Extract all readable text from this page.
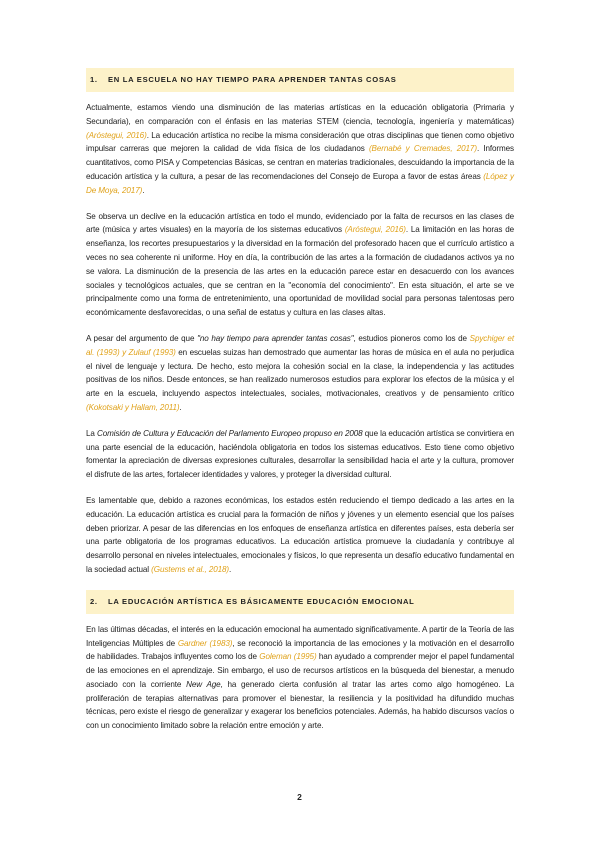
1. EN LA ESCUELA NO HAY TIEMPO PARA APRENDER TANTAS COSAS

Actualmente, estamos viendo una disminución de las materias artísticas en la educación obligatoria (Primaria y Secundaria), en comparación con el énfasis en las materias STEM (ciencia, tecnología, ingeniería y matemáticas) (Aróstegui, 2016). La educación artística no recibe la misma consideración que otras disciplinas que tienen como objetivo impulsar carreras que mejoren la calidad de vida física de los ciudadanos (Bernabé y Cremades, 2017). Informes cuantitativos, como PISA y Competencias Básicas, se centran en materias tradicionales, descuidando la importancia de la educación artística y la cultura, a pesar de las recomendaciones del Consejo de Europa a favor de estas áreas (López y De Moya, 2017).

Se observa un declive en la educación artística en todo el mundo, evidenciado por la falta de recursos en las clases de arte (música y artes visuales) en la mayoría de los sistemas educativos (Aróstegui, 2016). La limitación en las horas de enseñanza, los recortes presupuestarios y la diversidad en la formación del profesorado hacen que el currículo artístico a veces no sea coherente ni uniforme. Hoy en día, la contribución de las artes a la formación de ciudadanos activos ya no se valora. La disminución de la presencia de las artes en la educación parece estar en desacuerdo con los avances sociales y tecnológicos actuales, que se centran en la "economía del conocimiento". En esta situación, el arte se ve principalmente como una forma de entretenimiento, una oportunidad de movilidad social para personas talentosas pero económicamente desfavorecidas, o una señal de estatus y cultura en las clases altas.

A pesar del argumento de que "no hay tiempo para aprender tantas cosas", estudios pioneros como los de Spychiger et al. (1993) y Zulauf (1993) en escuelas suizas han demostrado que aumentar las horas de música en el aula no perjudica el nivel de lenguaje y lectura. De hecho, esto mejora la cohesión social en la clase, la independencia y las actitudes positivas de los niños. Desde entonces, se han realizado numerosos estudios para explorar los efectos de la música y el arte en la escuela, incluyendo aspectos intelectuales, sociales, motivacionales, creativos y de pensamiento crítico (Kokotsaki y Hallam, 2011).

La Comisión de Cultura y Educación del Parlamento Europeo propuso en 2008 que la educación artística se convirtiera en una parte esencial de la educación, haciéndola obligatoria en todos los sistemas educativos. Esto tiene como objetivo fomentar la apreciación de diversas expresiones culturales, desarrollar la sensibilidad hacia el arte y la cultura, promover el disfrute de las artes, fortalecer identidades y valores, y proteger la diversidad cultural.

Es lamentable que, debido a razones económicas, los estados estén reduciendo el tiempo dedicado a las artes en la educación. La educación artística es crucial para la formación de niños y jóvenes y un elemento esencial que los países deben priorizar. A pesar de las diferencias en los enfoques de enseñanza artística en diferentes países, esta debería ser una parte obligatoria de los programas educativos. La educación artística promueve la ciudadanía y contribuye al desarrollo personal en niveles intelectuales, emocionales y físicos, lo que representa un desafío educativo fundamental en la sociedad actual (Gustems et al., 2018).

2. LA EDUCACIÓN ARTÍSTICA ES BÁSICAMENTE EDUCACIÓN EMOCIONAL

En las últimas décadas, el interés en la educación emocional ha aumentado significativamente. A partir de la Teoría de las Inteligencias Múltiples de Gardner (1983), se reconoció la importancia de las emociones y la motivación en el desarrollo de habilidades. Trabajos influyentes como los de Goleman (1995) han ayudado a comprender mejor el papel fundamental de las emociones en el aprendizaje. Sin embargo, el uso de recursos artísticos en la búsqueda del bienestar, a menudo asociado con la corriente New Age, ha generado cierta confusión al tratar las artes como algo homogéneo. La proliferación de terapias alternativas para promover el bienestar, la resiliencia y la positividad ha difundido muchas técnicas, pero existe el riesgo de generalizar y exagerar los beneficios potenciales. Además, ha habido discursos vacíos o con un conocimiento limitado sobre la relación entre emoción y arte.

2
